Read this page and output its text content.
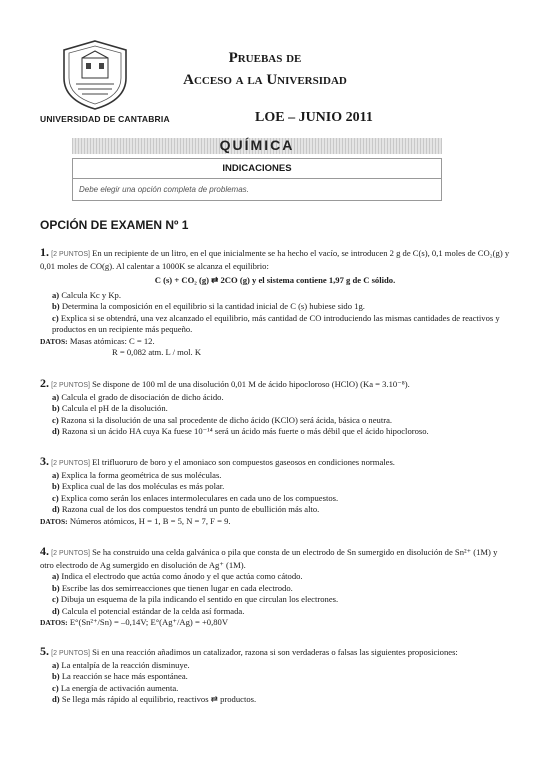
UNIVERSIDAD DE CANTABRIA
Pruebas de
Acceso a la Universidad
LOE – JUNIO 2011
QUÍMICA
INDICACIONES
Debe elegir una opción completa de problemas.
OPCIÓN DE EXAMEN Nº 1
1. [2 PUNTOS] En un recipiente de un litro, en el que inicialmente se ha hecho el vacío, se introducen 2 g de C(s), 0,1 moles de CO₂(g) y 0,01 moles de CO(g). Al calentar a 1000K se alcanza el equilibrio:
C (s) + CO₂ (g) ⇄ 2CO (g) y el sistema contiene 1,97 g de C sólido.
a) Calcula Kc y Kp.
b) Determina la composición en el equilibrio si la cantidad inicial de C (s) hubiese sido 1g.
c) Explica si se obtendrá, una vez alcanzado el equilibrio, más cantidad de CO introduciendo las mismas cantidades de reactivos y productos en un recipiente más pequeño.
DATOS: Masas atómicas: C = 12.
R = 0,082 atm. L / mol. K
2. [2 PUNTOS] Se dispone de 100 ml de una disolución 0,01 M de ácido hipocloroso (HClO) (Ka = 3.10⁻⁸).
a) Calcula el grado de disociación de dicho ácido.
b) Calcula el pH de la disolución.
c) Razona si la disolución de una sal procedente de dicho ácido (KClO) será ácida, básica o neutra.
d) Razona si un ácido HA cuya Ka fuese 10⁻¹⁴ será un ácido más fuerte o más débil que el ácido hipocloroso.
3. [2 PUNTOS] El trifluoruro de boro y el amoniaco son compuestos gaseosos en condiciones normales.
a) Explica la forma geométrica de sus moléculas.
b) Explica cual de las dos moléculas es más polar.
c) Explica como serán los enlaces intermoleculares en cada uno de los compuestos.
d) Razona cual de los dos compuestos tendrá un punto de ebullición más alto.
DATOS: Números atómicos, H = 1, B = 5, N = 7, F = 9.
4. [2 PUNTOS] Se ha construido una celda galvánica o pila que consta de un electrodo de Sn sumergido en disolución de Sn²⁺ (1M) y otro electrodo de Ag sumergido en disolución de Ag⁺ (1M).
a) Indica el electrodo que actúa como ánodo y el que actúa como cátodo.
b) Escribe las dos semirreacciones que tienen lugar en cada electrodo.
c) Dibuja un esquema de la pila indicando el sentido en que circulan los electrones.
d) Calcula el potencial estándar de la celda así formada.
DATOS: E°(Sn²⁺/Sn) = –0,14V; E°(Ag⁺/Ag) = +0,80V
5. [2 PUNTOS] Si en una reacción añadimos un catalizador, razona si son verdaderas o falsas las siguientes proposiciones:
a) La entalpía de la reacción disminuye.
b) La reacción se hace más espontánea.
c) La energía de activación aumenta.
d) Se llega más rápido al equilibrio, reactivos ⇄ productos.
